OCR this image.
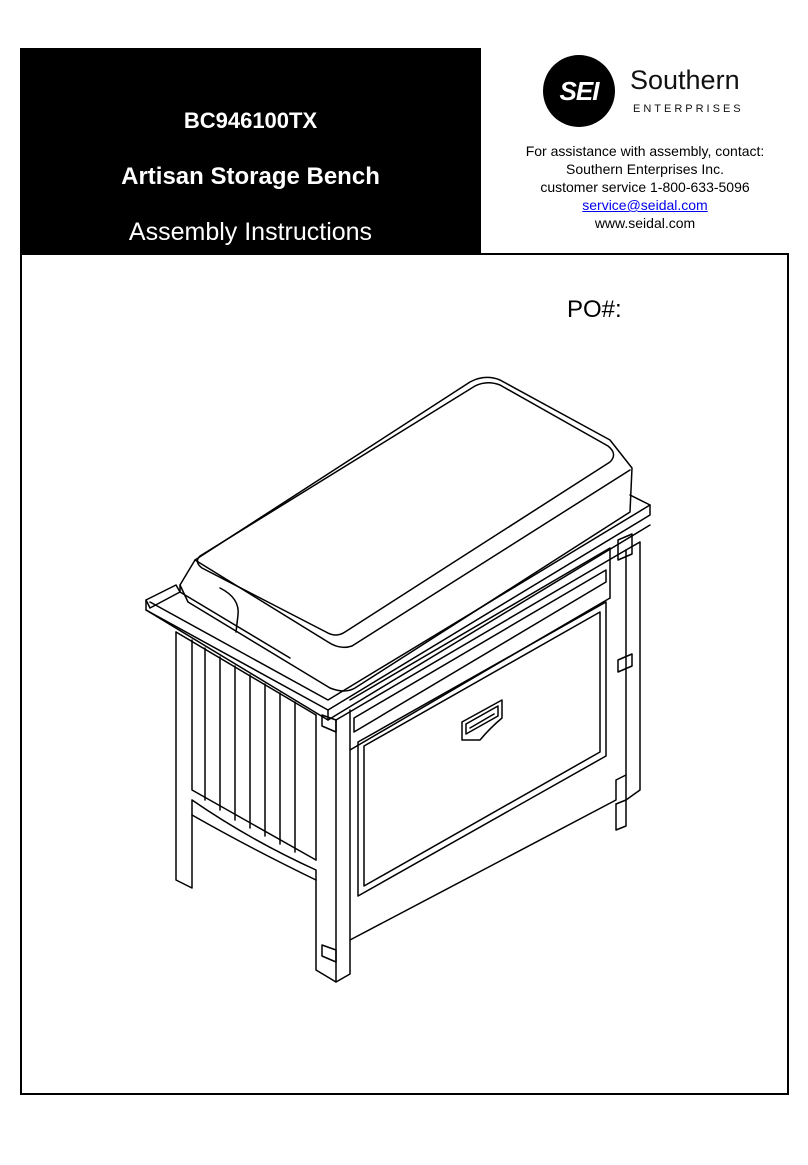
BC946100TX
Artisan Storage Bench
Assembly Instructions
SEI	Southern
ENTERPRISES
For assistance with assembly, contact:
Southern Enterprises Inc.
customer service 1-800-633-5096
service@seidal.com
www.seidal.com
PO#:
